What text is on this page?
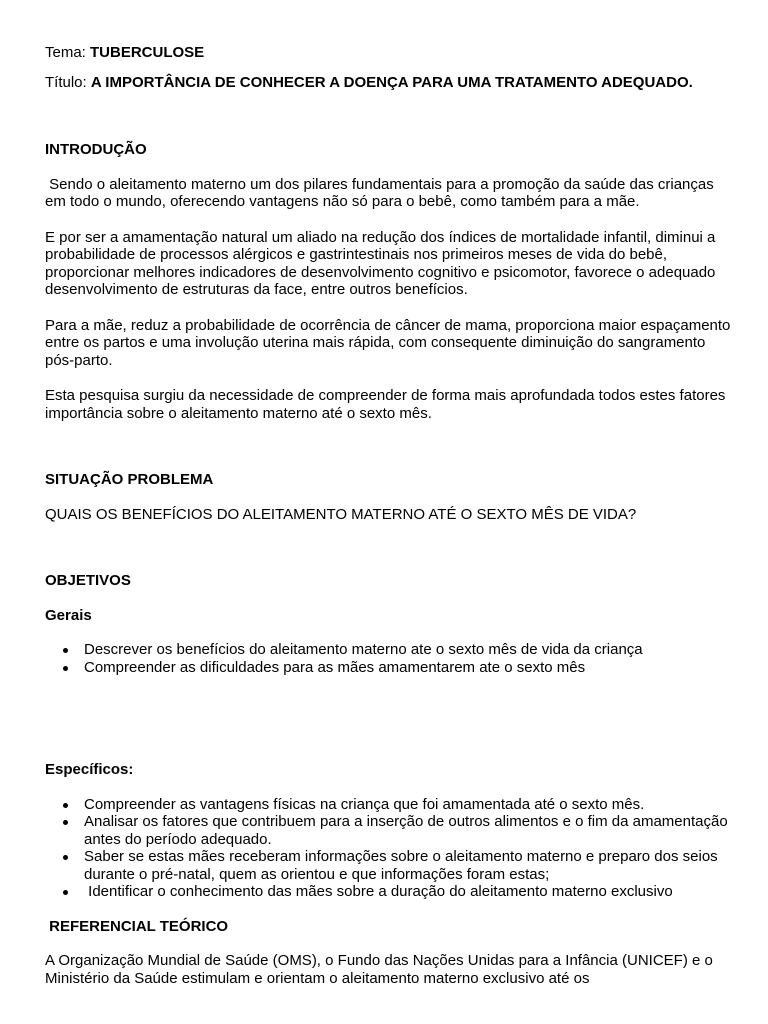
Tema: TUBERCULOSE

Título: A IMPORTÂNCIA DE CONHECER A DOENÇA PARA UMA TRATAMENTO ADEQUADO.

INTRODUÇÃO

Sendo o aleitamento materno um dos pilares fundamentais para a promoção da saúde das crianças em todo o mundo, oferecendo vantagens não só para o bebê, como também para a mãe.

E por ser a amamentação natural um aliado na redução dos índices de mortalidade infantil, diminui a probabilidade de processos alérgicos e gastrintestinais nos primeiros meses de vida do bebê, proporcionar melhores indicadores de desenvolvimento cognitivo e psicomotor, favorece o adequado desenvolvimento de estruturas da face, entre outros benefícios.

Para a mãe, reduz a probabilidade de ocorrência de câncer de mama, proporciona maior espaçamento entre os partos e uma involução uterina mais rápida, com consequente diminuição do sangramento pós-parto.

Esta pesquisa surgiu da necessidade de compreender de forma mais aprofundada todos estes fatores importância sobre o aleitamento materno até o sexto mês.

SITUAÇÃO PROBLEMA

QUAIS OS BENEFÍCIOS DO ALEITAMENTO MATERNO ATÉ O SEXTO MÊS DE VIDA?

OBJETIVOS

Gerais

Descrever os benefícios do aleitamento materno ate o sexto mês de vida da criança
Compreender as dificuldades para as mães amamentarem ate o sexto mês

Específicos:

Compreender as vantagens físicas na criança que foi amamentada até o sexto mês.
Analisar os fatores que contribuem para a inserção de outros alimentos e o fim da amamentação antes do período adequado.
Saber se estas mães receberam informações sobre o aleitamento materno e preparo dos seios durante o pré-natal, quem as orientou e que informações foram estas;
Identificar o conhecimento das mães sobre a duração do aleitamento materno exclusivo

REFERENCIAL TEÓRICO

A Organização Mundial de Saúde (OMS), o Fundo das Nações Unidas para a Infância (UNICEF) e o Ministério da Saúde estimulam e orientam o aleitamento materno exclusivo até os
